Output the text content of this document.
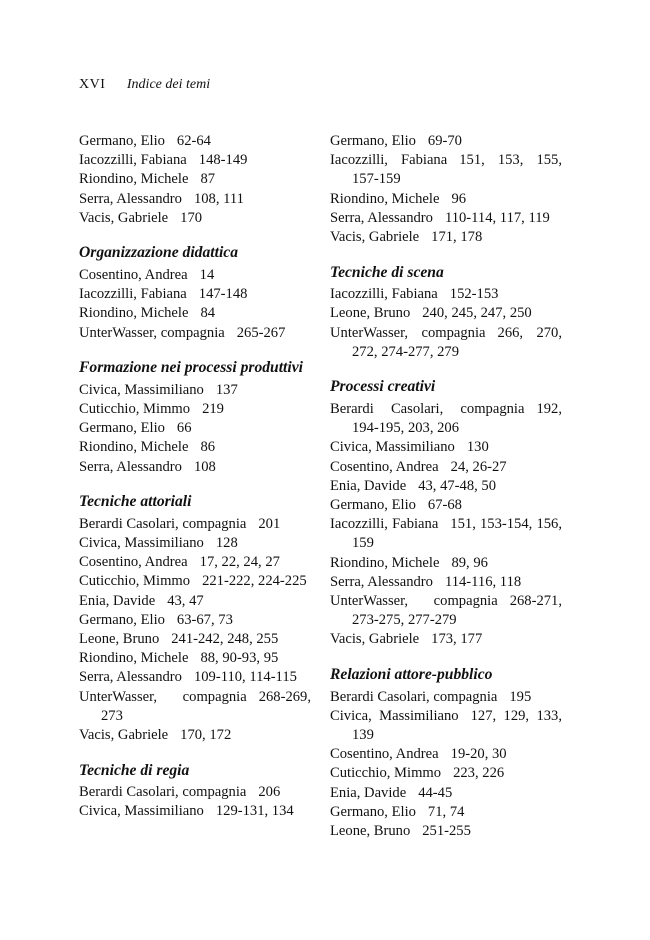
XVI Indice dei temi
Germano, Elio 62-64
Iacozzilli, Fabiana 148-149
Riondino, Michele 87
Serra, Alessandro 108, 111
Vacis, Gabriele 170
Organizzazione didattica
Cosentino, Andrea 14
Iacozzilli, Fabiana 147-148
Riondino, Michele 84
UnterWasser, compagnia 265-267
Formazione nei processi produttivi
Civica, Massimiliano 137
Cuticchio, Mimmo 219
Germano, Elio 66
Riondino, Michele 86
Serra, Alessandro 108
Tecniche attoriali
Berardi Casolari, compagnia 201
Civica, Massimiliano 128
Cosentino, Andrea 17, 22, 24, 27
Cuticchio, Mimmo 221-222, 224-225
Enia, Davide 43, 47
Germano, Elio 63-67, 73
Leone, Bruno 241-242, 248, 255
Riondino, Michele 88, 90-93, 95
Serra, Alessandro 109-110, 114-115
UnterWasser, compagnia 268-269, 273
Vacis, Gabriele 170, 172
Tecniche di regia
Berardi Casolari, compagnia 206
Civica, Massimiliano 129-131, 134
Germano, Elio 69-70
Iacozzilli, Fabiana 151, 153, 155, 157-159
Riondino, Michele 96
Serra, Alessandro 110-114, 117, 119
Vacis, Gabriele 171, 178
Tecniche di scena
Iacozzilli, Fabiana 152-153
Leone, Bruno 240, 245, 247, 250
UnterWasser, compagnia 266, 270, 272, 274-277, 279
Processi creativi
Berardi Casolari, compagnia 192, 194-195, 203, 206
Civica, Massimiliano 130
Cosentino, Andrea 24, 26-27
Enia, Davide 43, 47-48, 50
Germano, Elio 67-68
Iacozzilli, Fabiana 151, 153-154, 156, 159
Riondino, Michele 89, 96
Serra, Alessandro 114-116, 118
UnterWasser, compagnia 268-271, 273-275, 277-279
Vacis, Gabriele 173, 177
Relazioni attore-pubblico
Berardi Casolari, compagnia 195
Civica, Massimiliano 127, 129, 133, 139
Cosentino, Andrea 19-20, 30
Cuticchio, Mimmo 223, 226
Enia, Davide 44-45
Germano, Elio 71, 74
Leone, Bruno 251-255
